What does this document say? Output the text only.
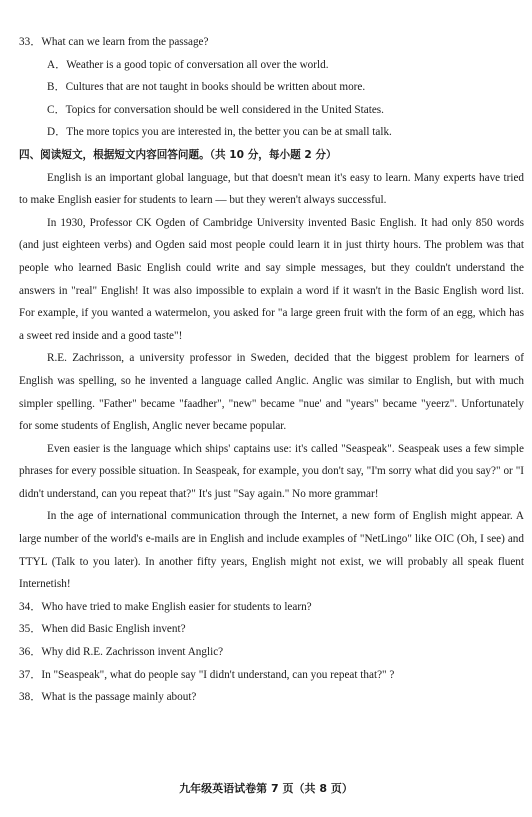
33．What can we learn from the passage?

A．Weather is a good topic of conversation all over the world.

B．Cultures that are not taught in books should be written about more.

C．Topics for conversation should be well considered in the United States.

D．The more topics you are interested in, the better you can be at small talk.

四、阅读短文，根据短文内容回答问题。（共 10 分，每小题 2 分）

English is an important global language, but that doesn't mean it's easy to learn. Many experts have tried to make English easier for students to learn — but they weren't always successful.

In 1930, Professor CK Ogden of Cambridge University invented Basic English. It had only 850 words (and just eighteen verbs) and Ogden said most people could learn it in just thirty hours. The problem was that people who learned Basic English could write and say simple messages, but they couldn't understand the answers in "real" English! It was also impossible to explain a word if it wasn't in the Basic English word list. For example, if you wanted a watermelon, you asked for "a large green fruit with the form of an egg, which has a sweet red inside and a good taste"!

R.E. Zachrisson, a university professor in Sweden, decided that the biggest problem for learners of English was spelling, so he invented a language called Anglic. Anglic was similar to English, but with much simpler spelling. "Father" became "faadher", "new" became "nue' and "years" became "yeerz". Unfortunately for some students of English, Anglic never became popular.

Even easier is the language which ships' captains use: it's called "Seaspeak". Seaspeak uses a few simple phrases for every possible situation. In Seaspeak, for example, you don't say, "I'm sorry what did you say?" or "I didn't understand, can you repeat that?" It's just "Say again." No more grammar!

In the age of international communication through the Internet, a new form of English might appear. A large number of the world's e-mails are in English and include examples of "NetLingo" like OIC (Oh, I see) and TTYL (Talk to you later). In another fifty years, English might not exist, we will probably all speak fluent Internetish!

34．Who have tried to make English easier for students to learn?

35．When did Basic English invent?

36．Why did R.E. Zachrisson invent Anglic?

37．In "Seaspeak", what do people say "I didn't understand, can you repeat that?" ?

38．What is the passage mainly about?

九年级英语试卷第 7 页（共 8 页）
